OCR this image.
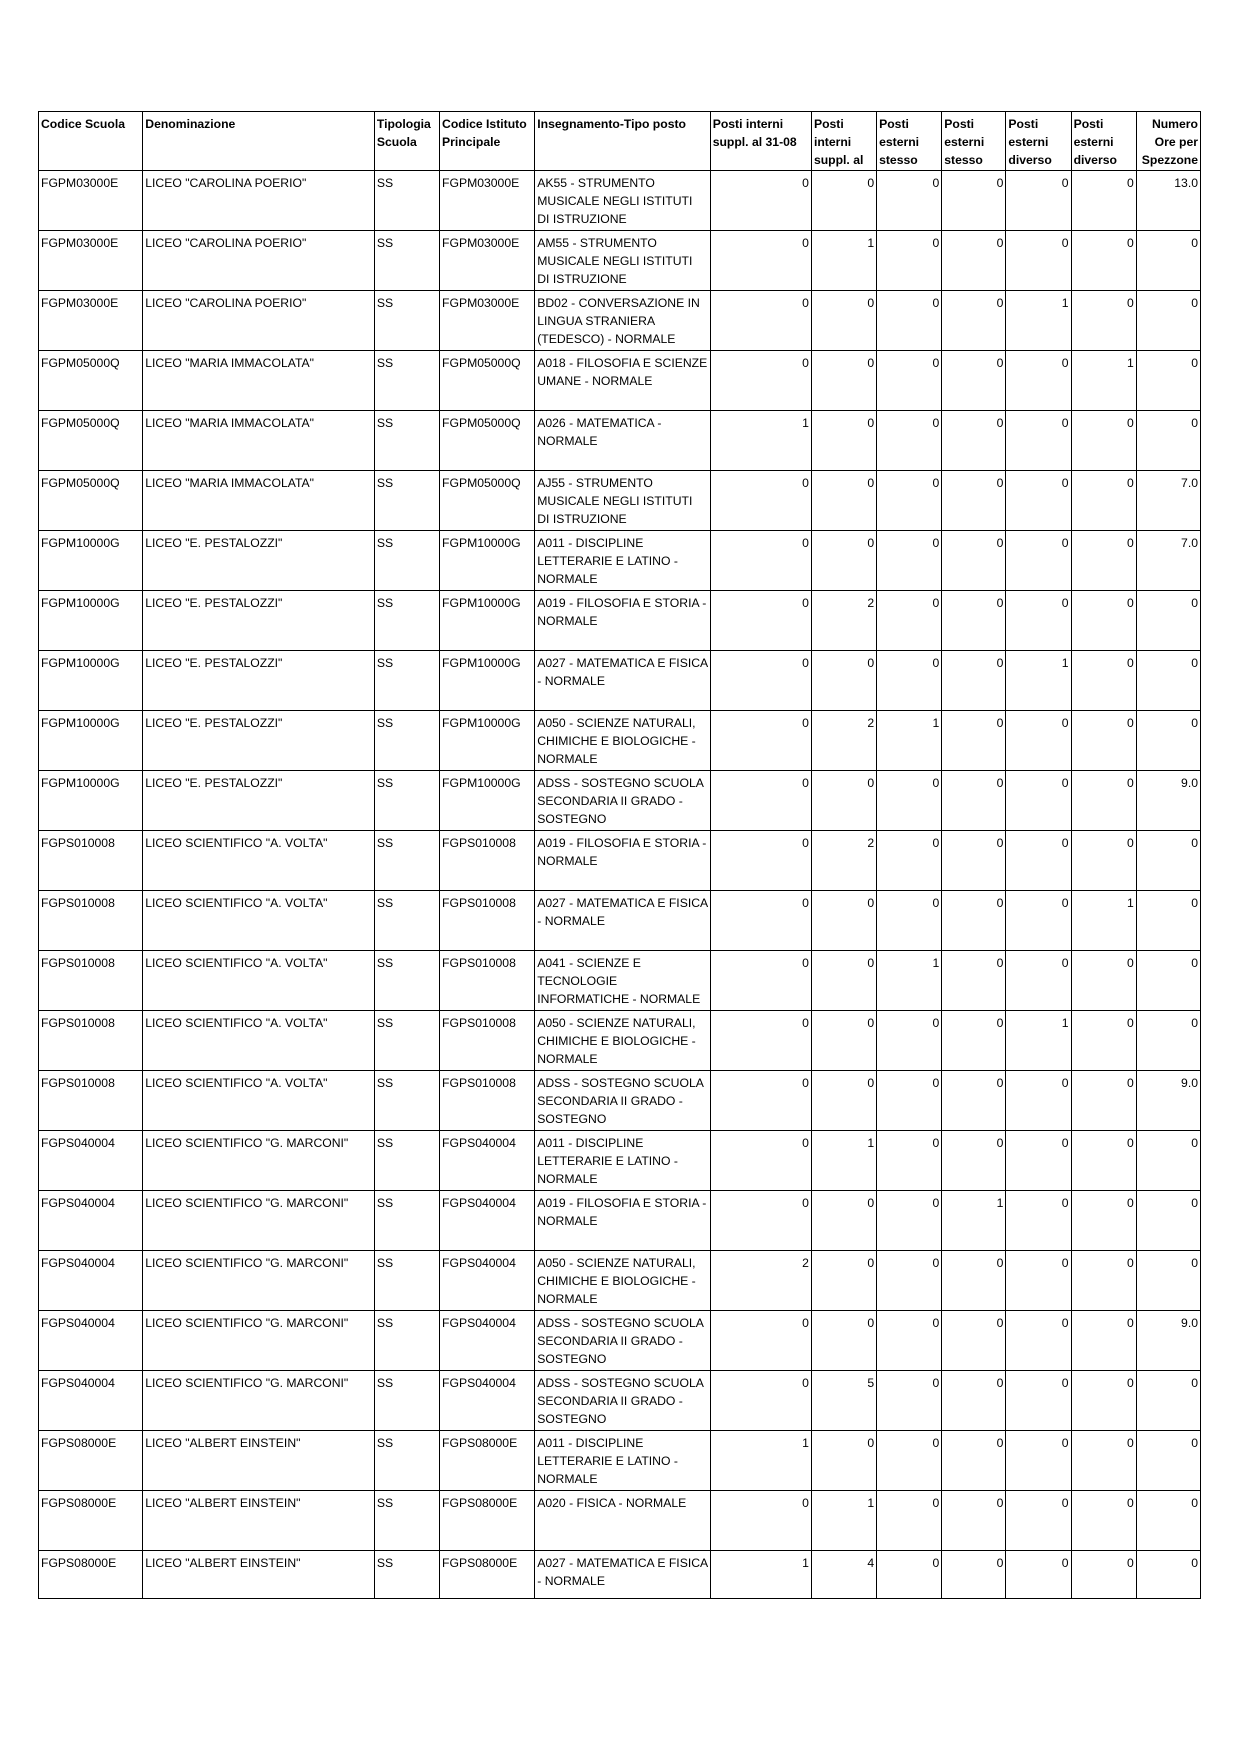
Codice Scuola	Denominazione	Tipologia Scuola	Codice Istituto Principale	Insegnamento-Tipo posto	Posti interni suppl. al 31-08	Posti interni suppl. al	Posti esterni stesso	Posti esterni stesso	Posti esterni diverso	Posti esterni diverso	Numero Ore per Spezzone
FGPM03000E	LICEO "CAROLINA POERIO"	SS	FGPM03000E	AK55 - STRUMENTO MUSICALE NEGLI ISTITUTI DI ISTRUZIONE	0	0	0	0	0	0	13.0
FGPM03000E	LICEO "CAROLINA POERIO"	SS	FGPM03000E	AM55 - STRUMENTO MUSICALE NEGLI ISTITUTI DI ISTRUZIONE	0	1	0	0	0	0	0
FGPM03000E	LICEO "CAROLINA POERIO"	SS	FGPM03000E	BD02 - CONVERSAZIONE IN LINGUA STRANIERA (TEDESCO) - NORMALE	0	0	0	0	1	0	0
FGPM05000Q	LICEO "MARIA IMMACOLATA"	SS	FGPM05000Q	A018 - FILOSOFIA E SCIENZE UMANE - NORMALE	0	0	0	0	0	1	0
FGPM05000Q	LICEO "MARIA IMMACOLATA"	SS	FGPM05000Q	A026 - MATEMATICA - NORMALE	1	0	0	0	0	0	0
FGPM05000Q	LICEO "MARIA IMMACOLATA"	SS	FGPM05000Q	AJ55 - STRUMENTO MUSICALE NEGLI ISTITUTI DI ISTRUZIONE	0	0	0	0	0	0	7.0
FGPM10000G	LICEO "E. PESTALOZZI"	SS	FGPM10000G	A011 - DISCIPLINE LETTERARIE E LATINO - NORMALE	0	0	0	0	0	0	7.0
FGPM10000G	LICEO "E. PESTALOZZI"	SS	FGPM10000G	A019 - FILOSOFIA E STORIA - NORMALE	0	2	0	0	0	0	0
FGPM10000G	LICEO "E. PESTALOZZI"	SS	FGPM10000G	A027 - MATEMATICA E FISICA - NORMALE	0	0	0	0	1	0	0
FGPM10000G	LICEO "E. PESTALOZZI"	SS	FGPM10000G	A050 - SCIENZE NATURALI, CHIMICHE E BIOLOGICHE - NORMALE	0	2	1	0	0	0	0
FGPM10000G	LICEO "E. PESTALOZZI"	SS	FGPM10000G	ADSS - SOSTEGNO SCUOLA SECONDARIA II GRADO - SOSTEGNO	0	0	0	0	0	0	9.0
FGPS010008	LICEO SCIENTIFICO "A. VOLTA"	SS	FGPS010008	A019 - FILOSOFIA E STORIA - NORMALE	0	2	0	0	0	0	0
FGPS010008	LICEO SCIENTIFICO "A. VOLTA"	SS	FGPS010008	A027 - MATEMATICA E FISICA - NORMALE	0	0	0	0	0	1	0
FGPS010008	LICEO SCIENTIFICO "A. VOLTA"	SS	FGPS010008	A041 - SCIENZE E TECNOLOGIE INFORMATICHE - NORMALE	0	0	1	0	0	0	0
FGPS010008	LICEO SCIENTIFICO "A. VOLTA"	SS	FGPS010008	A050 - SCIENZE NATURALI, CHIMICHE E BIOLOGICHE - NORMALE	0	0	0	0	1	0	0
FGPS010008	LICEO SCIENTIFICO "A. VOLTA"	SS	FGPS010008	ADSS - SOSTEGNO SCUOLA SECONDARIA II GRADO - SOSTEGNO	0	0	0	0	0	0	9.0
FGPS040004	LICEO SCIENTIFICO "G. MARCONI"	SS	FGPS040004	A011 - DISCIPLINE LETTERARIE E LATINO - NORMALE	0	1	0	0	0	0	0
FGPS040004	LICEO SCIENTIFICO "G. MARCONI"	SS	FGPS040004	A019 - FILOSOFIA E STORIA - NORMALE	0	0	0	1	0	0	0
FGPS040004	LICEO SCIENTIFICO "G. MARCONI"	SS	FGPS040004	A050 - SCIENZE NATURALI, CHIMICHE E BIOLOGICHE - NORMALE	2	0	0	0	0	0	0
FGPS040004	LICEO SCIENTIFICO "G. MARCONI"	SS	FGPS040004	ADSS - SOSTEGNO SCUOLA SECONDARIA II GRADO - SOSTEGNO	0	0	0	0	0	0	9.0
FGPS040004	LICEO SCIENTIFICO "G. MARCONI"	SS	FGPS040004	ADSS - SOSTEGNO SCUOLA SECONDARIA II GRADO - SOSTEGNO	0	5	0	0	0	0	0
FGPS08000E	LICEO "ALBERT EINSTEIN"	SS	FGPS08000E	A011 - DISCIPLINE LETTERARIE E LATINO - NORMALE	1	0	0	0	0	0	0
FGPS08000E	LICEO "ALBERT EINSTEIN"	SS	FGPS08000E	A020 - FISICA - NORMALE	0	1	0	0	0	0	0
FGPS08000E	LICEO "ALBERT EINSTEIN"	SS	FGPS08000E	A027 - MATEMATICA E FISICA - NORMALE	1	4	0	0	0	0	0
